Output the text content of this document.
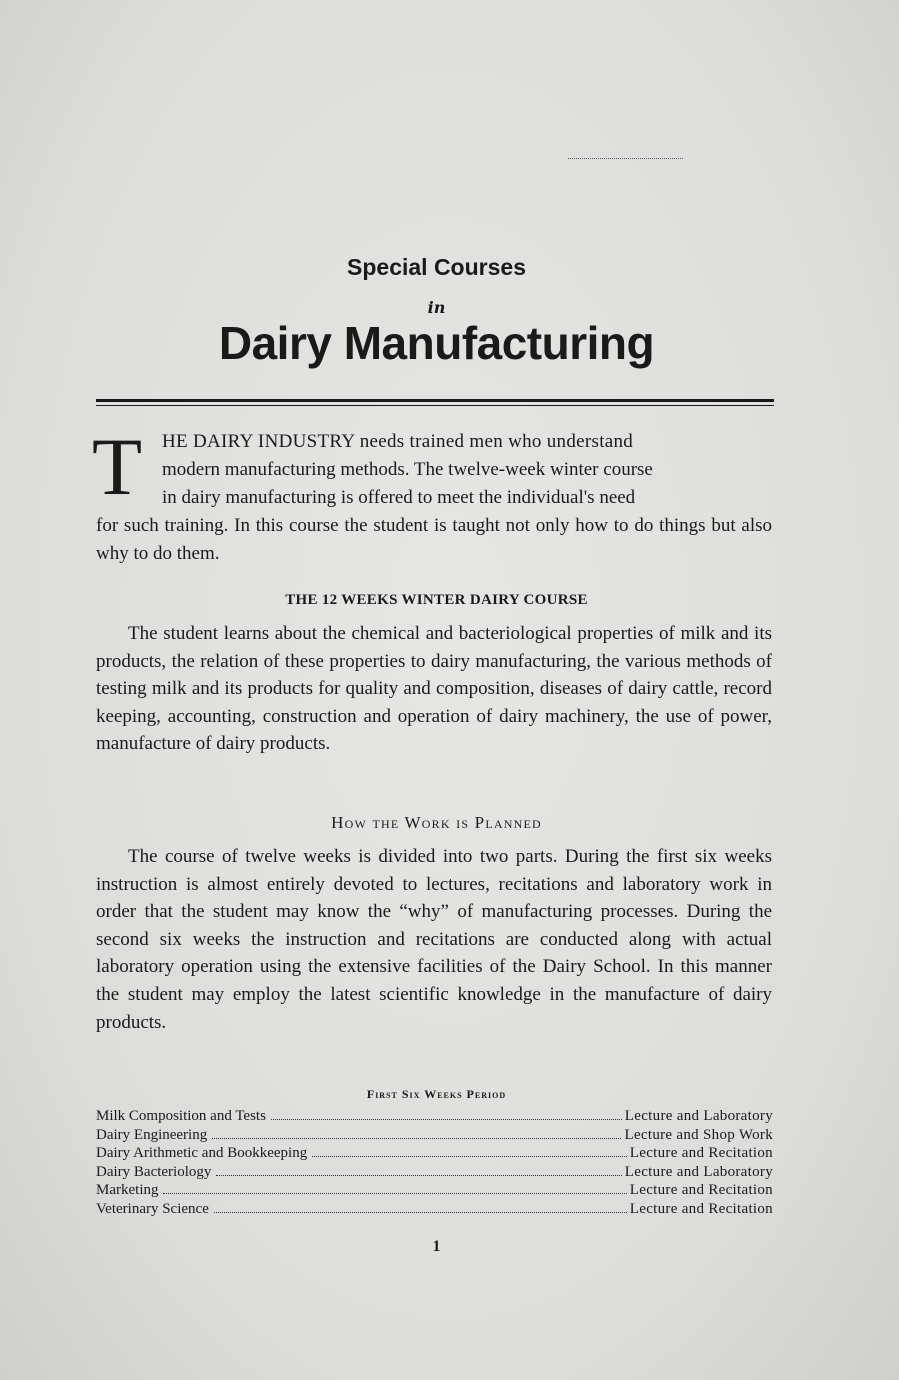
Special Courses
in
Dairy Manufacturing
T	HE DAIRY INDUSTRY needs trained men who understand
modern manufacturing methods. The twelve-week winter course
in dairy manufacturing is offered to meet the individual's need
for such training. In this course the student is taught not only how to do things but also why to do them.
THE 12 WEEKS WINTER DAIRY COURSE
The student learns about the chemical and bacteriological properties of milk and its products, the relation of these properties to dairy manufacturing, the various methods of testing milk and its products for quality and composition, diseases of dairy cattle, record keeping, accounting, construction and operation of dairy machinery, the use of power, manufacture of dairy products.
How the Work is Planned
The course of twelve weeks is divided into two parts. During the first six weeks instruction is almost entirely devoted to lectures, recitations and laboratory work in order that the student may know the “why” of manufacturing processes. During the second six weeks the instruction and recitations are conducted along with actual laboratory operation using the extensive facilities of the Dairy School. In this manner the student may employ the latest scientific knowledge in the manufacture of dairy products.
First Six Weeks Period
Milk Composition and Tests	Lecture and Laboratory
Dairy Engineering	Lecture and Shop Work
Dairy Arithmetic and Bookkeeping	Lecture and Recitation
Dairy Bacteriology	Lecture and Laboratory
Marketing	Lecture and Recitation
Veterinary Science	Lecture and Recitation
1
